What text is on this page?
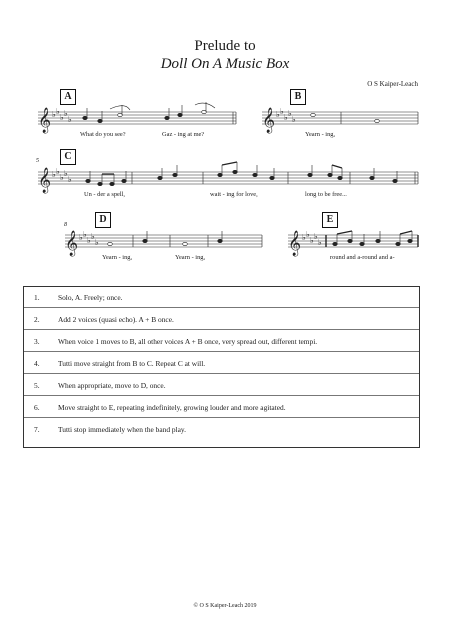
Prelude to
Doll On A Music Box
O S Kaiper-Leach
𝄞	𝄞
𝄞
𝄞	𝄞
♭ ♭
♭ ♭
♭
♭ ♭
♭ ♭
♭
♭ ♭
♭ ♭
♭
♭ ♭
♭ ♭
♭
♭ ♭
♭ ♭
♭
A	B
C
D	E
5
8
What do you see?	Gaz - ing at me?	Yearn - ing,
Un - der a spell,	wait - ing for love,	long to be free...
Yearn - ing,	Yearn - ing,	round and a-round and a-
1. Solo, A. Freely; once.
2. Add 2 voices (quasi echo). A + B once.
3. When voice 1 moves to B, all other voices A + B once, very spread out, different tempi.
4. Tutti move straight from B to C. Repeat C at will.
5. When appropriate, move to D, once.
6. Move straight to E, repeating indefinitely, growing louder and more agitated.
7. Tutti stop immediately when the band play.
© O S Kaiper-Leach 2019
